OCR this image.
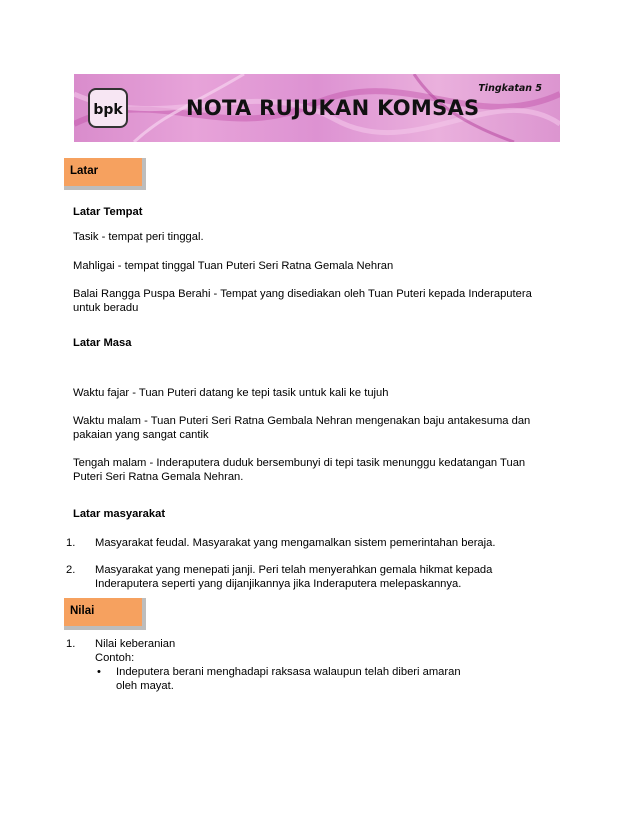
bpk	NOTA RUJUKAN KOMSAS
Tingkatan 5
Latar
Latar Tempat
Tasik - tempat peri tinggal.
Mahligai - tempat tinggal Tuan Puteri Seri Ratna Gemala Nehran
Balai Rangga Puspa Berahi - Tempat yang disediakan oleh Tuan Puteri kepada Inderaputera
untuk beradu
Latar Masa
Waktu fajar - Tuan Puteri datang ke tepi tasik untuk kali ke tujuh
Waktu malam - Tuan Puteri Seri Ratna Gembala Nehran mengenakan baju antakesuma dan
pakaian yang sangat cantik
Tengah malam - Inderaputera duduk bersembunyi di tepi tasik menunggu kedatangan Tuan
Puteri Seri Ratna Gemala Nehran.
Latar masyarakat
1. Masyarakat feudal. Masyarakat yang mengamalkan sistem pemerintahan beraja.
2. Masyarakat yang menepati janji. Peri telah menyerahkan gemala hikmat kepada
Inderaputera seperti yang dijanjikannya jika Inderaputera melepaskannya.
Nilai
1. Nilai keberanian
Contoh:
• Indeputera berani menghadapi raksasa walaupun telah diberi amaran
oleh mayat.
